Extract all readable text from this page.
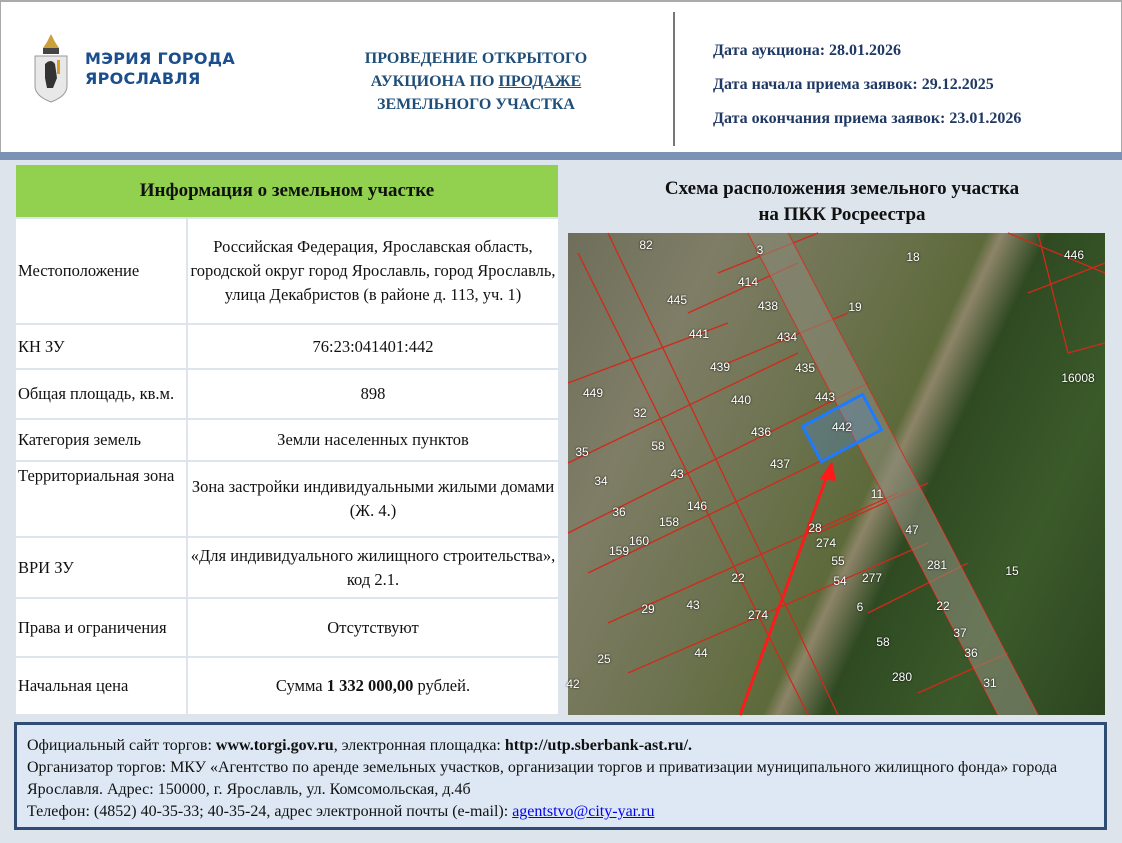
МЭРИЯ ГОРОДА
ЯРОСЛАВЛЯ
ПРОВЕДЕНИЕ ОТКРЫТОГО
АУКЦИОНА ПО ПРОДАЖЕ
ЗЕМЕЛЬНОГО УЧАСТКА
Дата аукциона: 28.01.2026
Дата начала приема заявок: 29.12.2025
Дата окончания приема заявок: 23.01.2026
Информация о земельном участке	
Местоположение	Российская Федерация, Ярославская область, городской округ город Ярославль, город Ярославль, улица Декабристов (в районе д. 113, уч. 1)
КН ЗУ	76:23:041401:442
Общая площадь, кв.м.	898
Категория земель	Земли населенных пунктов
Территориальная зона	Зона застройки индивидуальными жилыми домами (Ж. 4.)
ВРИ ЗУ	«Для индивидуального жилищного строительства», код 2.1.
Права и ограничения	Отсутствуют
Начальная цена	Сумма 1 332 000,00 рублей.
Схема расположения земельного участка
на ПКК Росреестра
82	3	18	446
445
414
438	19
441	434
439	435
16008
449
32
440	443
442
436
58
35
43
437
11
34
146
36
158
47
28
274
160
159
55	281	15
22	54 277
43
29	274
6	22
58
37
44	36
25
280	31
42
Официальный сайт торгов: www.torgi.gov.ru, электронная площадка: http://utp.sberbank-ast.ru/.
Организатор торгов: МКУ «Агентство по аренде земельных участков, организации торгов и приватизации муниципального жилищного фонда» города Ярославля. Адрес: 150000, г. Ярославль, ул. Комсомольская, д.4б
Телефон: (4852) 40-35-33; 40-35-24, адрес электронной почты (e-mail): agentstvo@city-yar.ru
